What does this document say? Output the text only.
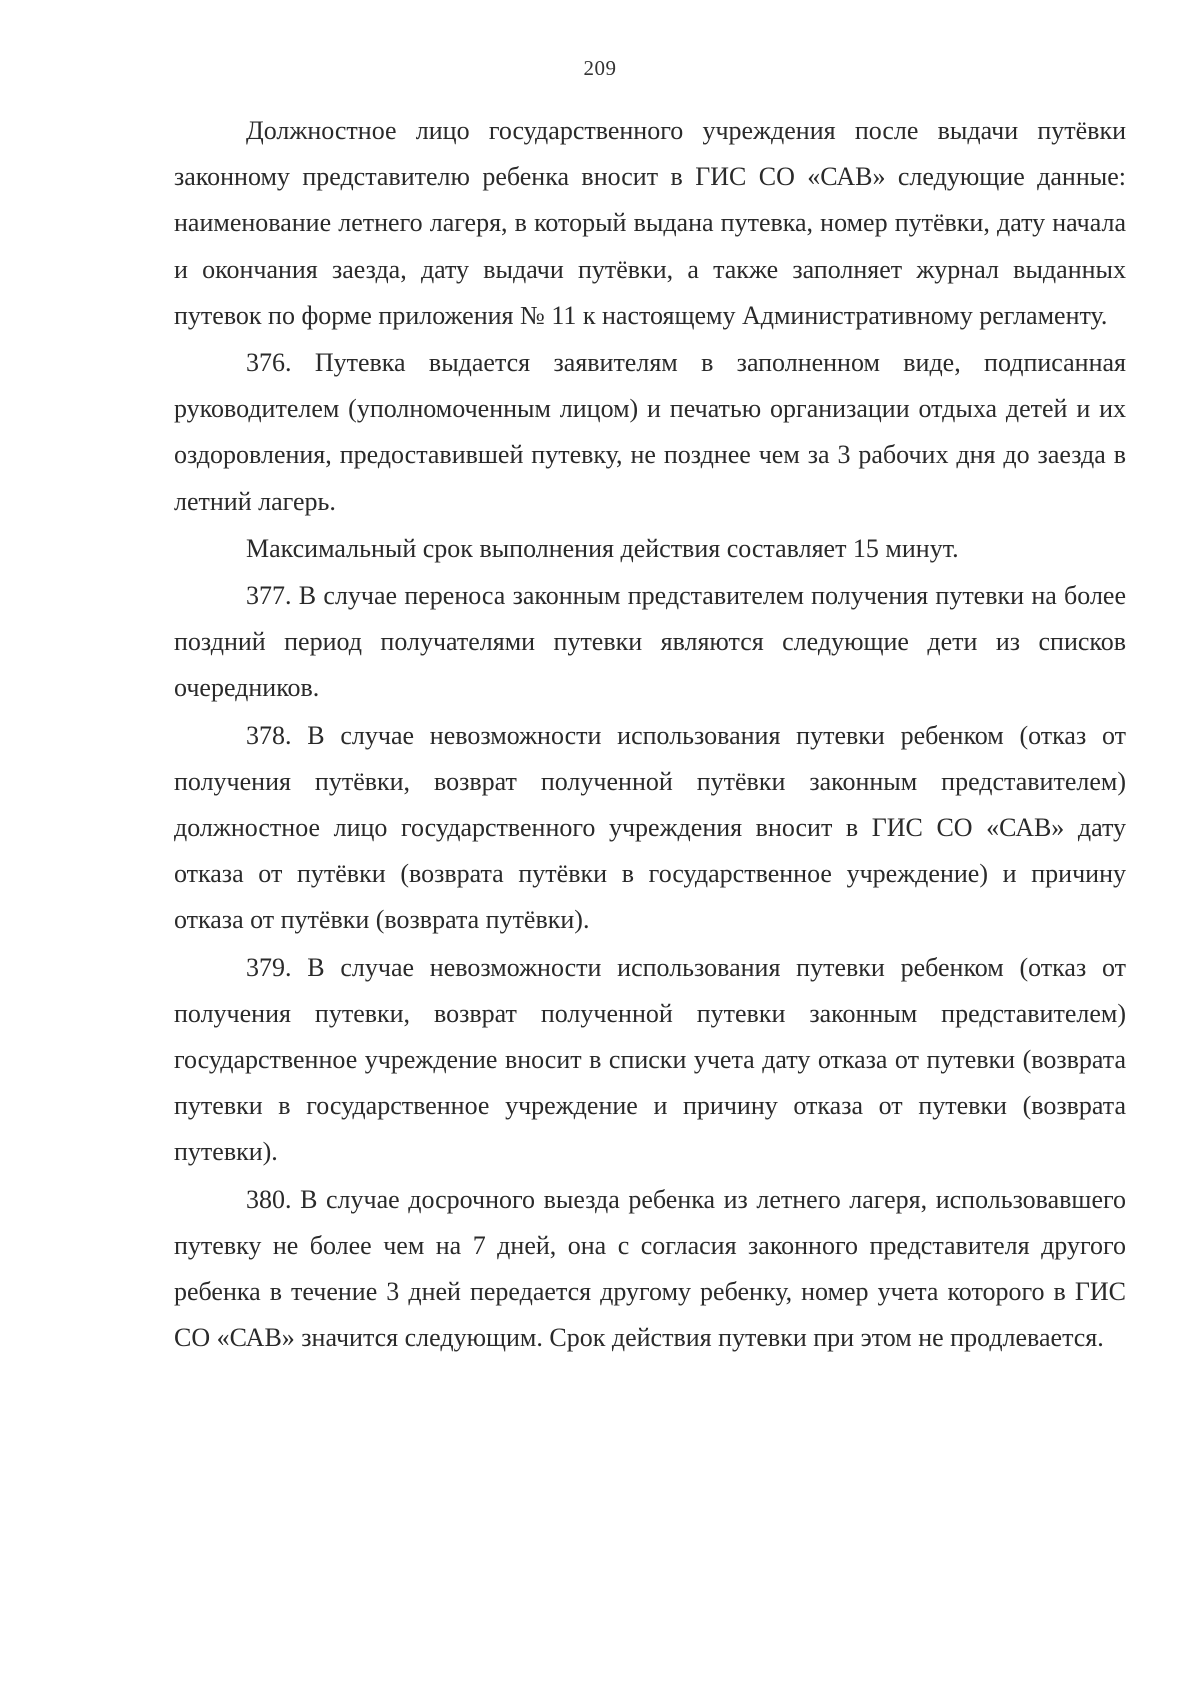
209

Должностное лицо государственного учреждения после выдачи путёвки законному представителю ребенка вносит в ГИС СО «САВ» следующие данные: наименование летнего лагеря, в который выдана путевка, номер путёвки, дату начала и окончания заезда, дату выдачи путёвки, а также заполняет журнал выданных путевок по форме приложения № 11 к настоящему Административному регламенту.

376. Путевка выдается заявителям в заполненном виде, подписанная руководителем (уполномоченным лицом) и печатью организации отдыха детей и их оздоровления, предоставившей путевку, не позднее чем за 3 рабочих дня до заезда в летний лагерь.

Максимальный срок выполнения действия составляет 15 минут.

377. В случае переноса законным представителем получения путевки на более поздний период получателями путевки являются следующие дети из списков очередников.

378. В случае невозможности использования путевки ребенком (отказ от получения путёвки, возврат полученной путёвки законным представителем) должностное лицо государственного учреждения вносит в ГИС СО «САВ» дату отказа от путёвки (возврата путёвки в государственное учреждение) и причину отказа от путёвки (возврата путёвки).

379. В случае невозможности использования путевки ребенком (отказ от получения путевки, возврат полученной путевки законным представителем) государственное учреждение вносит в списки учета дату отказа от путевки (возврата путевки в государственное учреждение и причину отказа от путевки (возврата путевки).

380. В случае досрочного выезда ребенка из летнего лагеря, использовавшего путевку не более чем на 7 дней, она с согласия законного представителя другого ребенка в течение 3 дней передается другому ребенку, номер учета которого в ГИС СО «САВ» значится следующим. Срок действия путевки при этом не продлевается.
